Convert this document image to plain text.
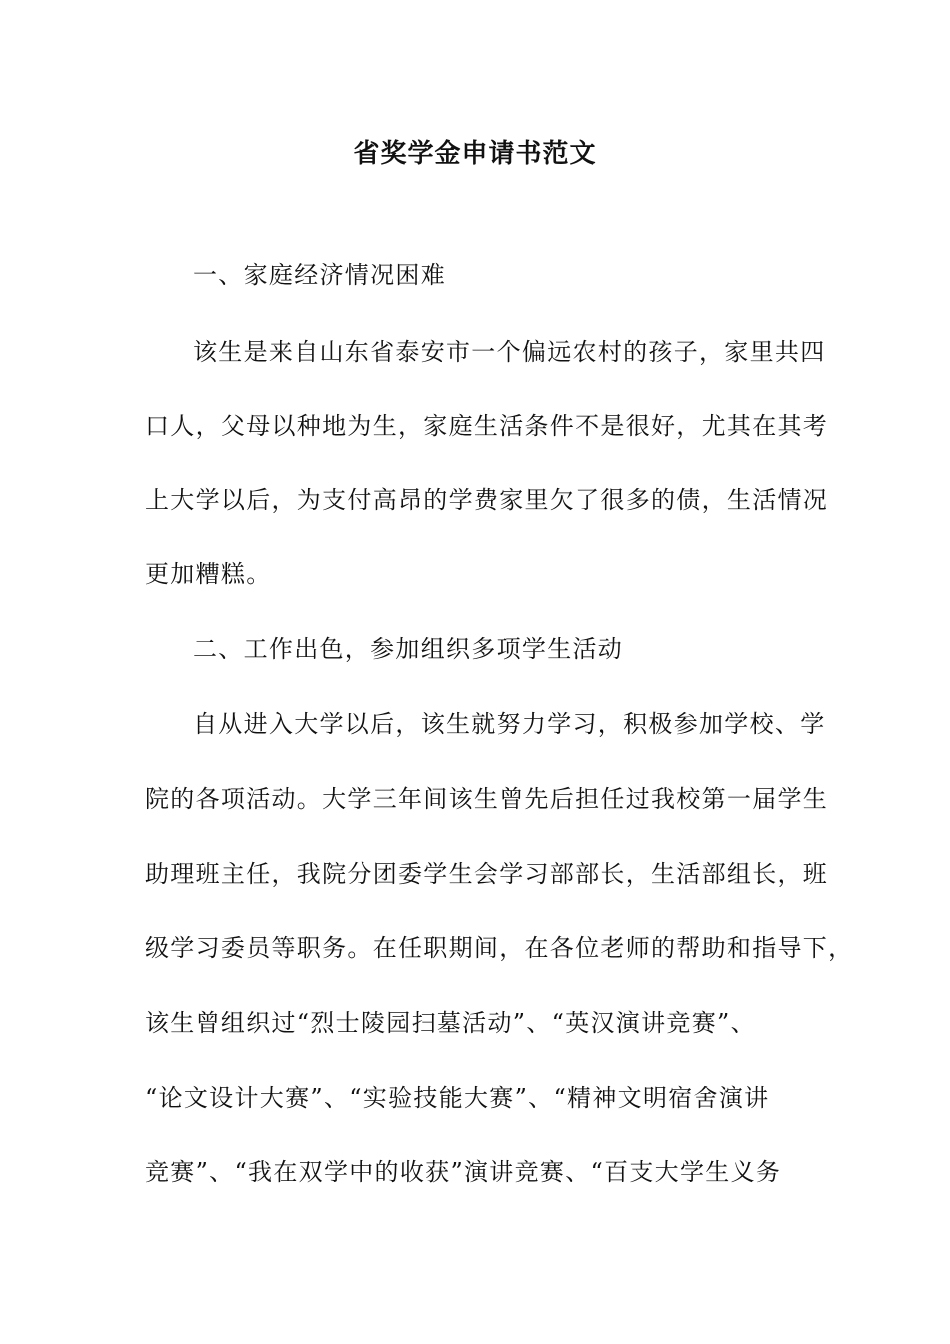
省奖学金申请书范文
一、家庭经济情况困难
该生是来自山东省泰安市一个偏远农村的孩子，家里共四
口人，父母以种地为生，家庭生活条件不是很好，尤其在其考
上大学以后，为支付高昂的学费家里欠了很多的债，生活情况
更加糟糕。
二、工作出色，参加组织多项学生活动
自从进入大学以后，该生就努力学习，积极参加学校、学
院的各项活动。大学三年间该生曾先后担任过我校第一届学生
助理班主任，我院分团委学生会学习部部长，生活部组长，班
级学习委员等职务。在任职期间，在各位老师的帮助和指导下，
该生曾组织过“烈士陵园扫墓活动”、“英汉演讲竞赛”、
“论文设计大赛”、“实验技能大赛”、“精神文明宿舍演讲
竞赛”、“我在双学中的收获”演讲竞赛、“百支大学生义务
